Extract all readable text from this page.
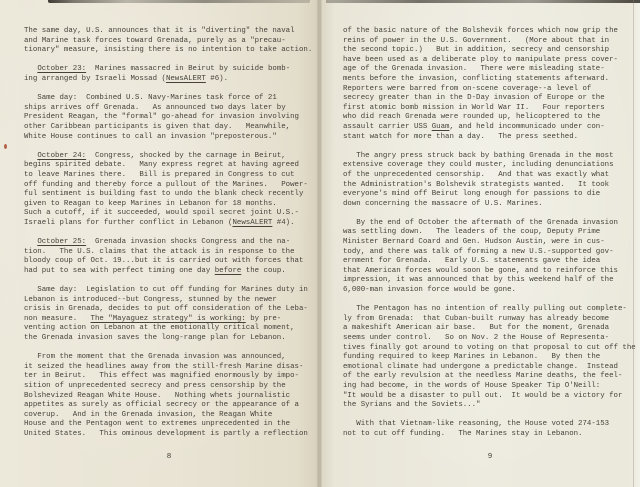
The same day, U.S. announces that it is "diverting" the naval
and Marine task forces toward Grenada, purely as a "precau-
tionary" measure, insisting there is no intention to take action.

October 23:  Marines massacred in Beirut by suicide bomb-
ing arranged by Israeli Mossad (NewsALERT #6).

Same day:  Combined U.S. Navy-Marines task force of 21
ships arrives off Grenada.   As announced two days later by
President Reagan, the "formal" go-ahead for invasion involving
other Caribbean participants is given that day.   Meanwhile,
White House continues to call an invasion "preposterous."

October 24:  Congress, shocked by the carnage in Beirut,
begins spirited debate.   Many express regret at having agreed
to leave Marines there.   Bill is prepared in Congress to cut
off funding and thereby force a pullout of the Marines.   Power-
ful sentiment is building fast to undo the blank check recently
given to Reagan to keep Marines in Lebanon for 18 months.
Such a cutoff, if it succeeded, would spoil secret joint U.S.-
Israeli plans for further conflict in Lebanon (NewsALERT #4).

October 25:  Grenada invasion shocks Congress and the na-
tion.   The U.S. claims that the attack is in response to the
bloody coup of Oct. 19...but it is carried out with forces that
had put to sea with perfect timing one day before the coup.

Same day:  Legislation to cut off funding for Marines duty in
Lebanon is introduced--but Congress, stunned by the newer
crisis in Grenada, decides to put off consideration of the Leba-
non measure.   The "Mayaguez strategy" is working: by pre-
venting action on Lebanon at the emotionally critical moment,
the Grenada invasion saves the long-range plan for Lebanon.

From the moment that the Grenada invasion was announced,
it seized the headlines away from the still-fresh Marine disas-
ter in Beirut.   This effect was magnified enormously by impo-
sition of unprecedented secrecy and press censorship by the
Bolshevized Reagan White House.   Nothing whets journalistic
appetites as surely as official secrecy or the appearance of a
coverup.   And in the Grenada invasion, the Reagan White
House and the Pentagon went to extremes unprecedented in the
United States.   This ominous development is partly a reflection
8
of the basic nature of the Bolshevik forces which now grip the
reins of power in the U.S. Government.   (More about that in
the second topic.)   But in addition, secrecy and censorship
have been used as a deliberate ploy to manipulate press cover-
age of the Grenada invasion.   There were misleading state-
ments before the invasion, conflicting statements afterward.
Reporters were barred from on-scene coverage--a level of
secrecy greater than in the D-Day invasion of Europe or the
first atomic bomb mission in World War II.   Four reporters
who did reach Grenada were rounded up, helicoptered to the
assault carrier USS Guam, and held incommunicado under con-
stant watch for more than a day.   The press seethed.

The angry press struck back by bathing Grenada in the most
extensive coverage they could muster, including denunciations
of the unprecedented censorship.   And that was exactly what
the Administration's Bolshevik strategists wanted.   It took
everyone's mind off Beirut long enough for passions to die
down concerning the massacre of U.S. Marines.

By the end of October the aftermath of the Grenada invasion
was settling down.   The leaders of the coup, Deputy Prime
Minister Bernard Coard and Gen. Hudson Austin, were in cus-
tody, and there was talk of forming a new U.S.-supported gov-
ernment for Grenada.   Early U.S. statements gave the idea
that American forces would soon be gone, and to reinforce this
impression, it was announced that by this weekend half of the
6,000-man invasion force would be gone.

The Pentagon has no intention of really pulling out complete-
ly from Grenada:  that Cuban-built runway has already become
a makeshift American air base.   But for the moment, Grenada
seems under control.   So on Nov. 2 the House of Representa-
tives finally got around to voting on that proposal to cut off the
funding required to keep Marines in Lebanon.   By then the
emotional climate had undergone a predictable change.  Instead
of the early revulsion at the needless Marine deaths, the feel-
ing had become, in the words of House Speaker Tip O'Neill:
"It would be a disaster to pull out.  It would be a victory for
the Syrians and the Soviets..."

With that Vietnam-like reasoning, the House voted 274-153
not to cut off funding.   The Marines stay in Lebanon.
9
